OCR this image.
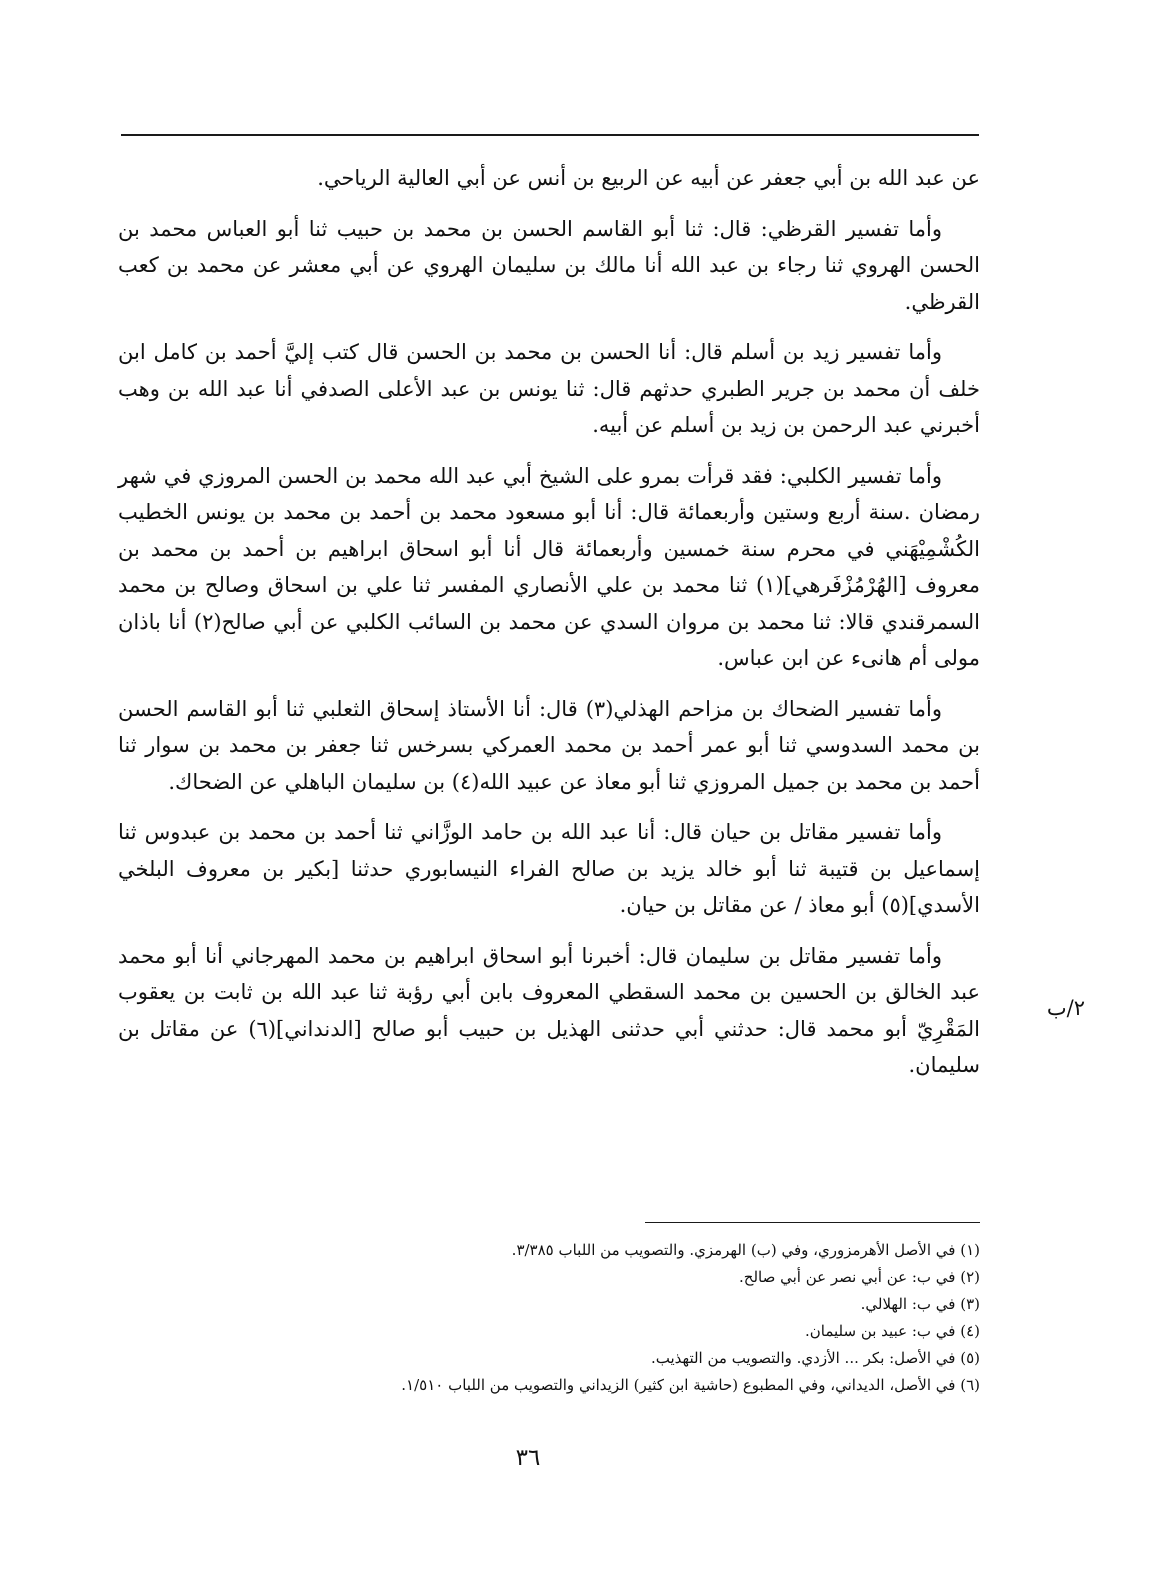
عن عبد الله بن أبي جعفر عن أبيه عن الربيع بن أنس عن أبي العالية الرياحي.

وأما تفسير القرظي: قال: ثنا أبو القاسم الحسن بن محمد بن حبيب ثنا أبو العباس محمد بن الحسن الهروي ثنا رجاء بن عبد الله أنا مالك بن سليمان الهروي عن أبي معشر عن محمد بن كعب القرظي.

وأما تفسير زيد بن أسلم قال: أنا الحسن بن محمد بن الحسن قال كتب إليَّ أحمد بن كامل ابن خلف أن محمد بن جرير الطبري حدثهم قال: ثنا يونس بن عبد الأعلى الصدفي أنا عبد الله بن وهب أخبرني عبد الرحمن بن زيد بن أسلم عن أبيه.

وأما تفسير الكلبي: فقد قرأت بمرو على الشيخ أبي عبد الله محمد بن الحسن المروزي في شهر رمضان .سنة أربع وستين وأربعمائة قال: أنا أبو مسعود محمد بن أحمد بن محمد بن يونس الخطيب الكُشْمِيْهَني في محرم سنة خمسين وأربعمائة قال أنا أبو اسحاق ابراهيم بن أحمد بن محمد بن معروف [الهُرْمُزْفَرهي](١) ثنا محمد بن علي الأنصاري المفسر ثنا علي بن اسحاق وصالح بن محمد السمرقندي قالا: ثنا محمد بن مروان السدي عن محمد بن السائب الكلبي عن أبي صالح(٢) أنا باذان مولى أم هانىء عن ابن عباس.

وأما تفسير الضحاك بن مزاحم الهذلي(٣) قال: أنا الأستاذ إسحاق الثعلبي ثنا أبو القاسم الحسن بن محمد السدوسي ثنا أبو عمر أحمد بن محمد العمركي بسرخس ثنا جعفر بن محمد بن سوار ثنا أحمد بن محمد بن جميل المروزي ثنا أبو معاذ عن عبيد الله(٤) بن سليمان الباهلي عن الضحاك.

وأما تفسير مقاتل بن حيان قال: أنا عبد الله بن حامد الوزَّاني ثنا أحمد بن محمد بن عبدوس ثنا إسماعيل بن قتيبة ثنا أبو خالد يزيد بن صالح الفراء النيسابوري حدثنا [بكير بن معروف البلخي الأسدي](٥) أبو معاذ / عن مقاتل بن حيان.

وأما تفسير مقاتل بن سليمان قال: أخبرنا أبو اسحاق ابراهيم بن محمد المهرجاني أنا أبو محمد عبد الخالق بن الحسين بن محمد السقطي المعروف بابن أبي رؤبة ثنا عبد الله بن ثابت بن يعقوب المَقْرِيّ أبو محمد قال: حدثني أبي حدثنى الهذيل بن حبيب أبو صالح [الدنداني](٦) عن مقاتل بن سليمان.

٢/ب

(١) في الأصل الأهرمزوري، وفي (ب) الهرمزي. والتصويب من اللباب ٣/٣٨٥.

(٢) في ب: عن أبي نصر عن أبي صالح.

(٣) في ب: الهلالي.

(٤) في ب: عبيد بن سليمان.

(٥) في الأصل: بكر ... الأزدي. والتصويب من التهذيب.

(٦) في الأصل، الديداني، وفي المطبوع (حاشية ابن كثير) الزيداني والتصويب من اللباب ١/٥١٠.

٣٦
